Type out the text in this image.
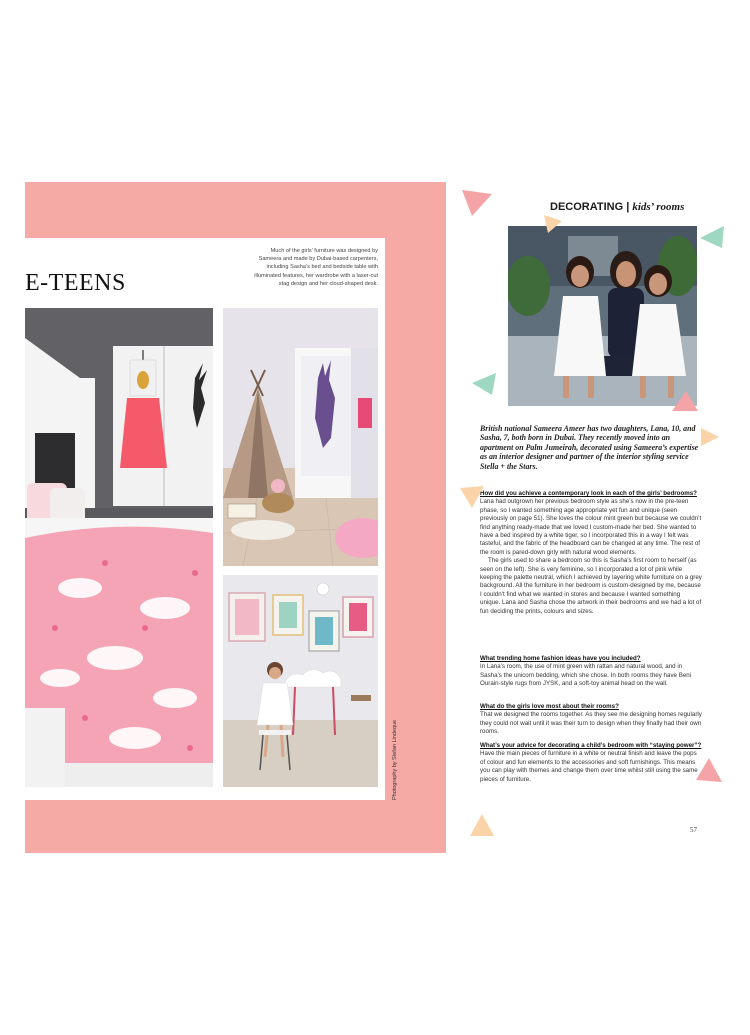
E-TEENS
Much of the girls’ furniture was designed by Sameera and made by Dubai-based carpenters, including Sasha’s bed and bedside table with illuminated features, her wardrobe with a laser-cut stag design and her cloud-shaped desk.
Photography by Stefan Lindeque
DECORATING | kids’ rooms
British national Sameera Ameer has two daughters, Lana, 10, and Sasha, 7, both born in Dubai. They recently moved into an apartment on Palm Jumeirah, decorated using Sameera’s expertise as an interior designer and partner of the interior styling service Stella + the Stars.

How did you achieve a contemporary look in each of the girls’ bedrooms?

Lana had outgrown her previous bedroom style as she’s now in the pre-teen phase, so I wanted something age appropriate yet fun and unique (seen previously on page 51). She loves the colour mint green but because we couldn’t find anything ready-made that we loved I custom-made her bed. She wanted to have a bed inspired by a white tiger, so I incorporated this in a way I felt was tasteful, and the fabric of the headboard can be changed at any time. The rest of the room is pared-down girly with natural wood elements.

The girls used to share a bedroom so this is Sasha’s first room to herself (as seen on the left). She is very feminine, so I incorporated a lot of pink while keeping the palette neutral, which I achieved by layering white furniture on a grey background. All the furniture in her bedroom is custom-designed by me, because I couldn’t find what we wanted in stores and because I wanted something unique. Lana and Sasha chose the artwork in their bedrooms and we had a lot of fun deciding the prints, colours and sizes.

What trending home fashion ideas have you included?

In Lana’s room, the use of mint green with rattan and natural wood, and in Sasha’s the unicorn bedding, which she chose. In both rooms they have Beni Ourain-style rugs from JYSK, and a soft-toy animal head on the wall.

What do the girls love most about their rooms?

That we designed the rooms together. As they see me designing homes regularly they could not wait until it was their turn to design when they finally had their own rooms.

What’s your advice for decorating a child’s bedroom with “staying power”?

Have the main pieces of furniture in a white or neutral finish and leave the pops of colour and fun elements to the accessories and soft furnishings. This means you can play with themes and change them over time whilst still using the same pieces of furniture.

57
